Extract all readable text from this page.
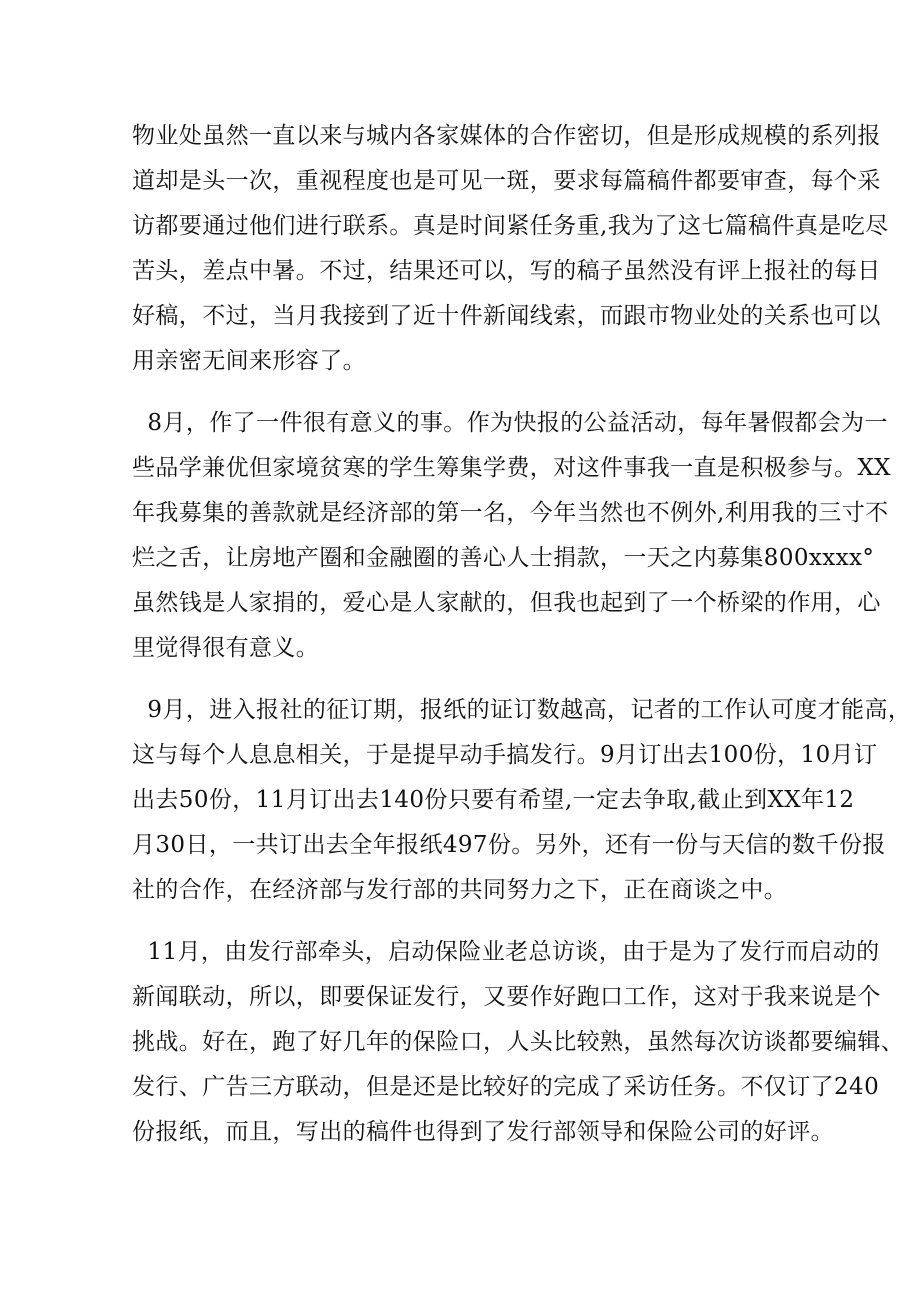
物业处虽然一直以来与城内各家媒体的合作密切，但是形成规模的系列报
道却是头一次，重视程度也是可见一斑，要求每篇稿件都要审查，每个采
访都要通过他们进行联系。真是时间紧任务重,我为了这七篇稿件真是吃尽
苦头，差点中暑。不过，结果还可以，写的稿子虽然没有评上报社的每日
好稿，不过，当月我接到了近十件新闻线索，而跟市物业处的关系也可以
用亲密无间来形容了。
8月，作了一件很有意义的事。作为快报的公益活动，每年暑假都会为一
些品学兼优但家境贫寒的学生筹集学费，对这件事我一直是积极参与。XX
年我募集的善款就是经济部的第一名，今年当然也不例外,利用我的三寸不
烂之舌，让房地产圈和金融圈的善心人士捐款，一天之内募集800xxxx°
虽然钱是人家捐的，爱心是人家献的，但我也起到了一个桥梁的作用，心
里觉得很有意义。
9月，进入报社的征订期，报纸的证订数越高，记者的工作认可度才能高，
这与每个人息息相关，于是提早动手搞发行。9月订出去100份，10月订
出去50份，11月订出去140份只要有希望,一定去争取,截止到XX年12
月30日，一共订出去全年报纸497份。另外，还有一份与天信的数千份报
社的合作，在经济部与发行部的共同努力之下，正在商谈之中。
11月，由发行部牵头，启动保险业老总访谈，由于是为了发行而启动的
新闻联动，所以，即要保证发行，又要作好跑口工作，这对于我来说是个
挑战。好在，跑了好几年的保险口，人头比较熟，虽然每次访谈都要编辑、
发行、广告三方联动，但是还是比较好的完成了采访任务。不仅订了240
份报纸，而且，写出的稿件也得到了发行部领导和保险公司的好评。
